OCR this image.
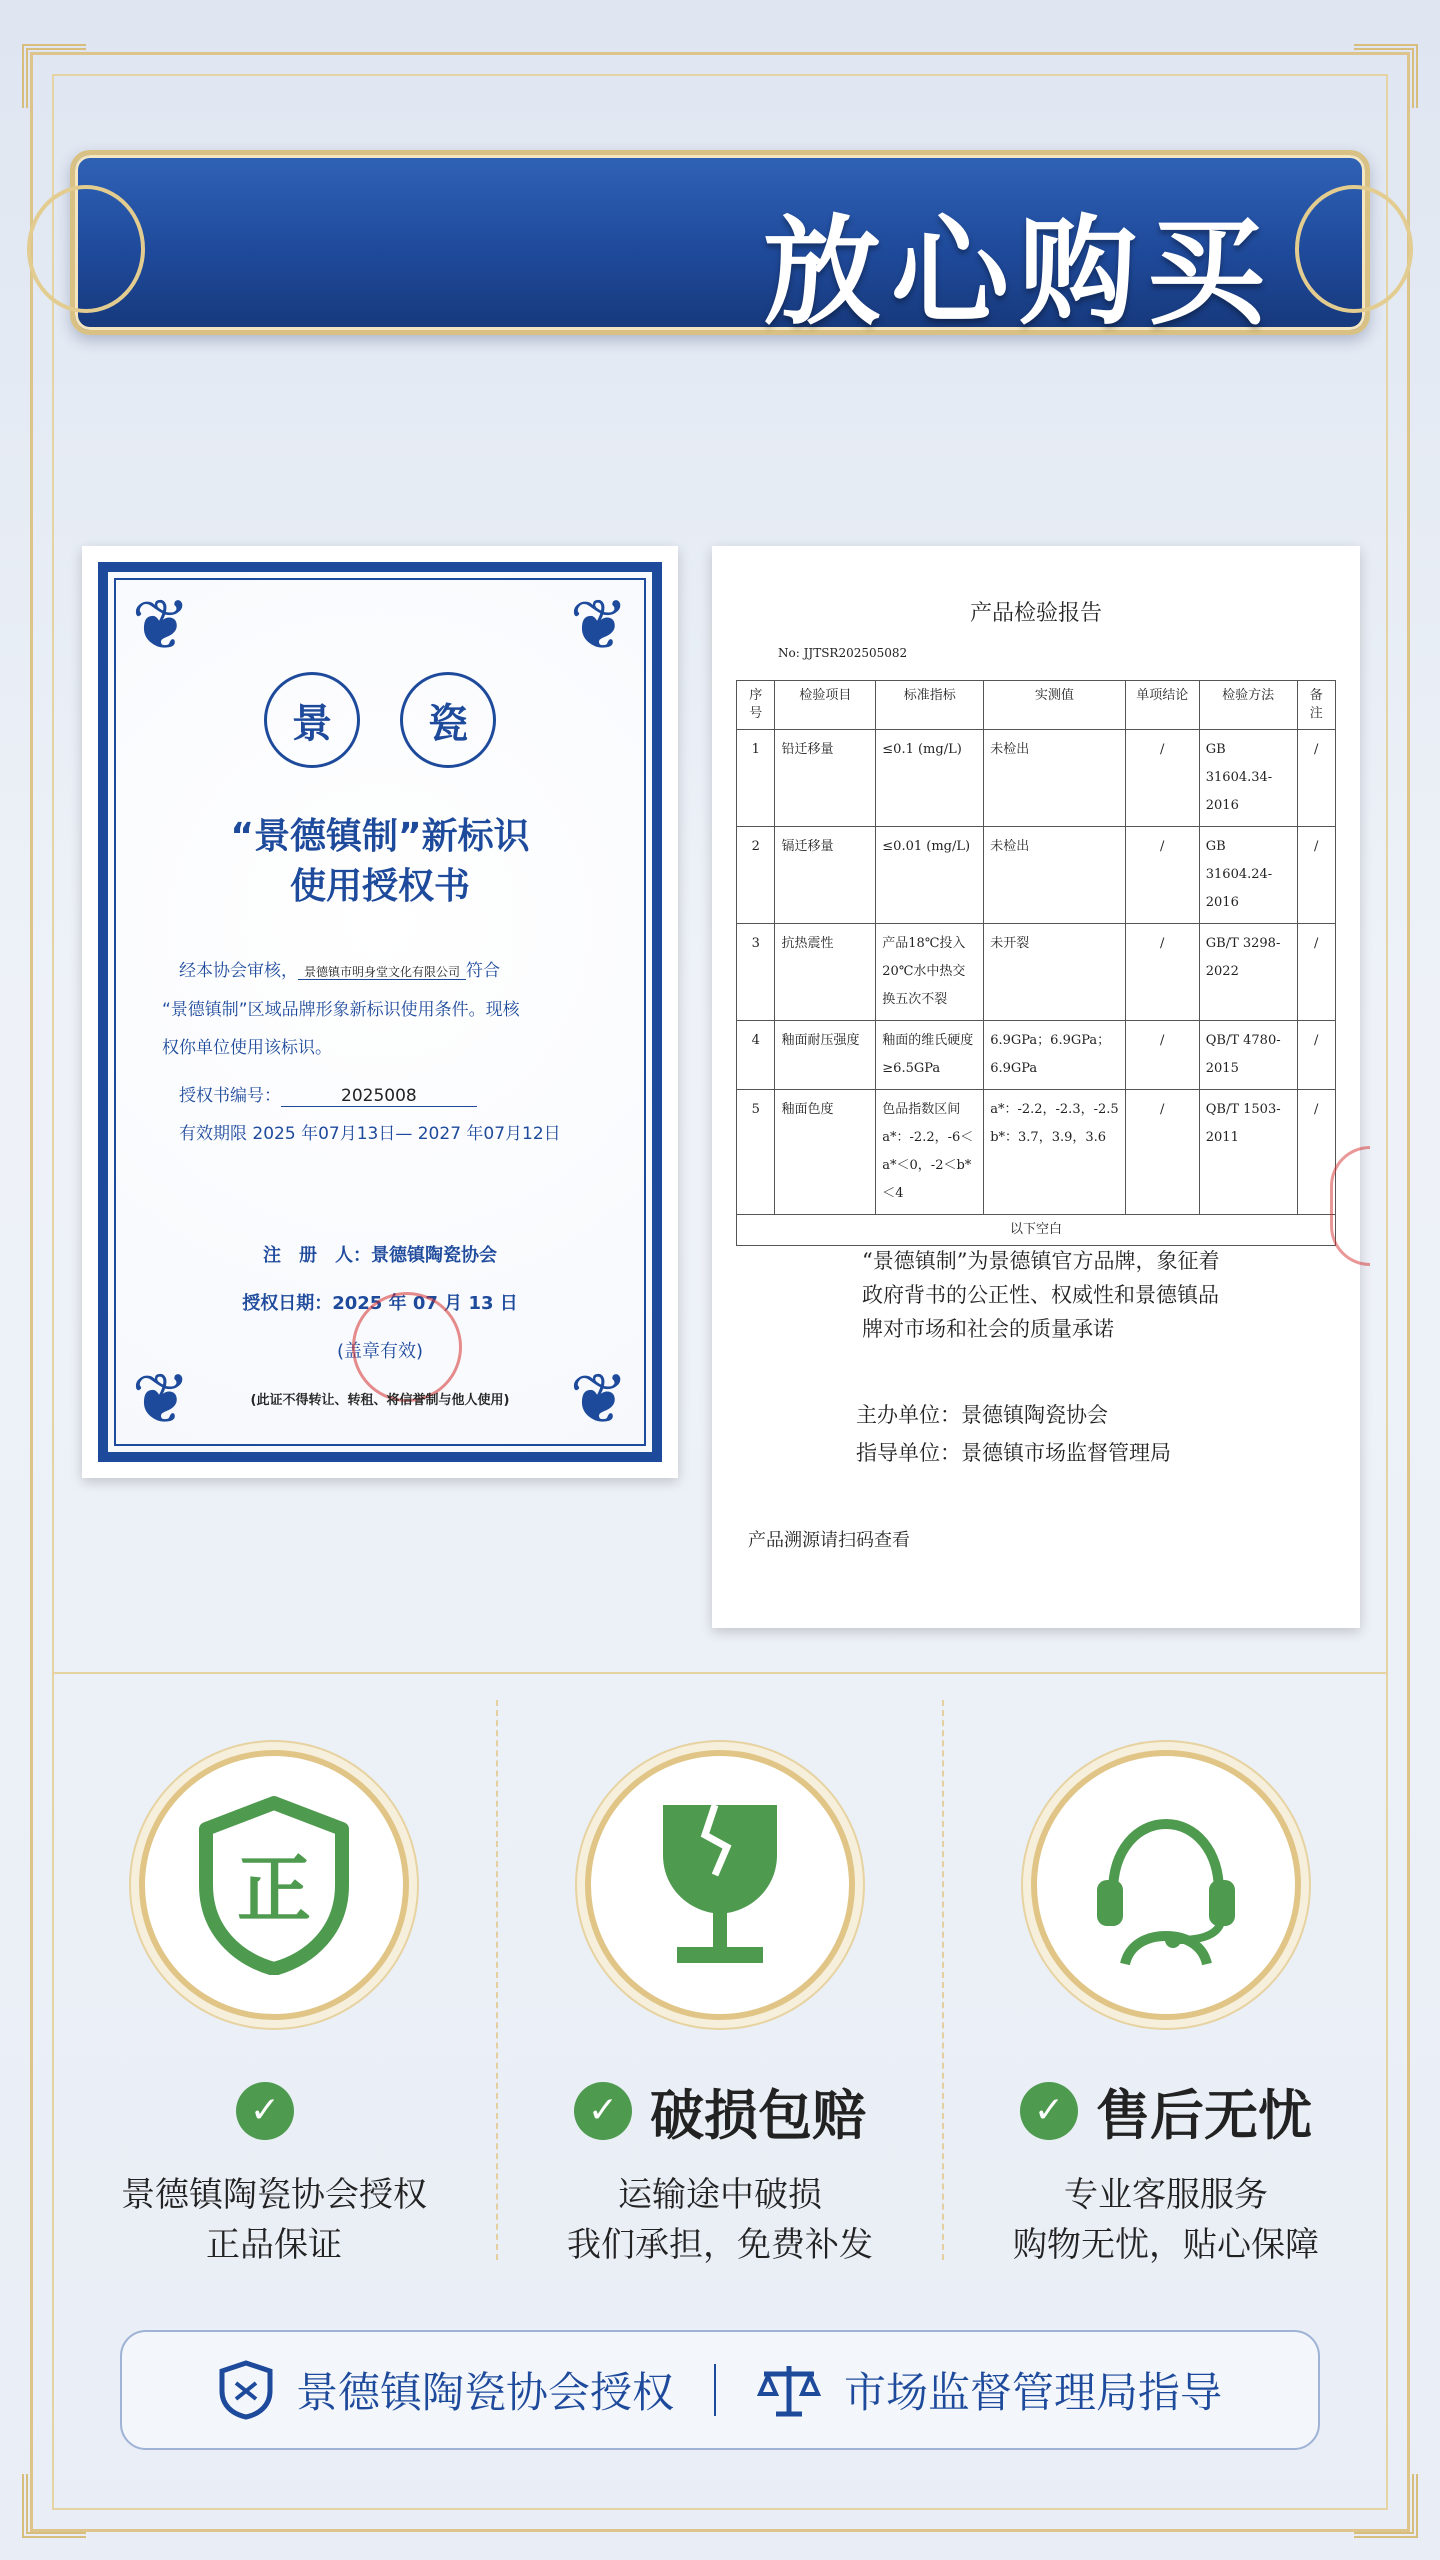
放心购买
❦	❦
❦	❦
景	瓷
“景德镇制”新标识
使用授权书
 经本协会审核， 景德镇市明身堂文化有限公司 符合
“景德镇制”区域品牌形象新标识使用条件。现核
权你单位使用该标识。
 授权书编号：	2025008
 有效期限 2025 年07月13日— 2027 年07月12日
注　册　人：景德镇陶瓷协会
授权日期：2025 年 07 月 13 日
(盖章有效)
(此证不得转让、转租、将信誉制与他人使用)
产品检验报告
No: JJTSR202505082
序号	检验项目	标准指标	实测值	单项结论	检验方法	备注
1	铅迁移量	≤0.1 (mg/L)	未检出	/	GB 31604.34-2016	/
2	镉迁移量	≤0.01 (mg/L)	未检出	/	GB 31604.24-2016	/
3	抗热震性	产品18℃投入20℃水中热交换五次不裂	未开裂	/	GB/T 3298-2022	/
4	釉面耐压强度	釉面的维氏硬度≥6.5GPa	6.9GPa；6.9GPa；6.9GPa	/	QB/T 4780-2015	/
5	釉面色度	色品指数区间 a*：-2.2，-6＜a*＜0，-2＜b*＜4	a*：-2.2，-2.3，-2.5 b*：3.7，3.9，3.6	/	QB/T 1503-2011	/
以下空白						
“景德镇制”为景德镇官方品牌，象征着政府背书的公正性、权威性和景德镇品牌对市场和社会的质量承诺
主办单位：景德镇陶瓷协会
指导单位：景德镇市场监督管理局
产品溯源请扫码查看
正
✓
景德镇陶瓷协会授权
正品保证
✓ 破损包赔
运输途中破损
我们承担，免费补发
✓ 售后无忧
专业客服服务
购物无忧，贴心保障
景德镇陶瓷协会授权	市场监督管理局指导
